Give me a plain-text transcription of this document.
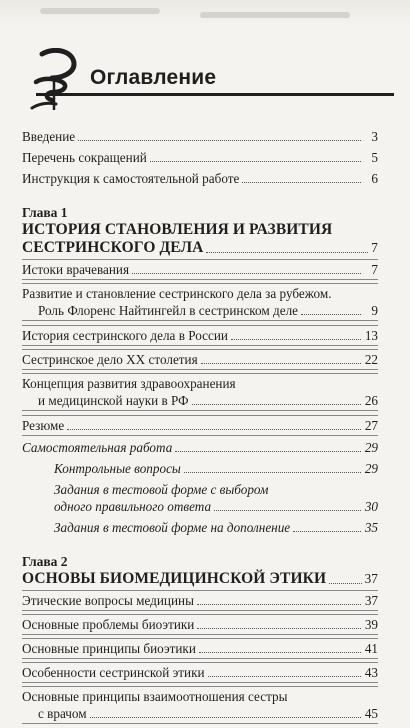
Оглавление
Введение	3
Перечень сокращений	5
Инструкция к самостоятельной работе	6
Глава 1
ИСТОРИЯ СТАНОВЛЕНИЯ И РАЗВИТИЯ
СЕСТРИНСКОГО ДЕЛА	7
Истоки врачевания	7
Развитие и становление сестринского дела за рубежом.
Роль Флоренс Найтингейл в сестринском деле	9
История сестринского дела в России	13
Сестринское дело XX столетия	22
Концепция развития здравоохранения
и медицинской науки в РФ	26
Резюме	27
Самостоятельная работа	29
Контрольные вопросы	29
Задания в тестовой форме с выбором
одного правильного ответа	30
Задания в тестовой форме на дополнение	35
Глава 2
ОСНОВЫ БИОМЕДИЦИНСКОЙ ЭТИКИ	37
Этические вопросы медицины	37
Основные проблемы биоэтики	39
Основные принципы биоэтики	41
Особенности сестринской этики	43
Основные принципы взаимоотношения сестры
с врачом	45
